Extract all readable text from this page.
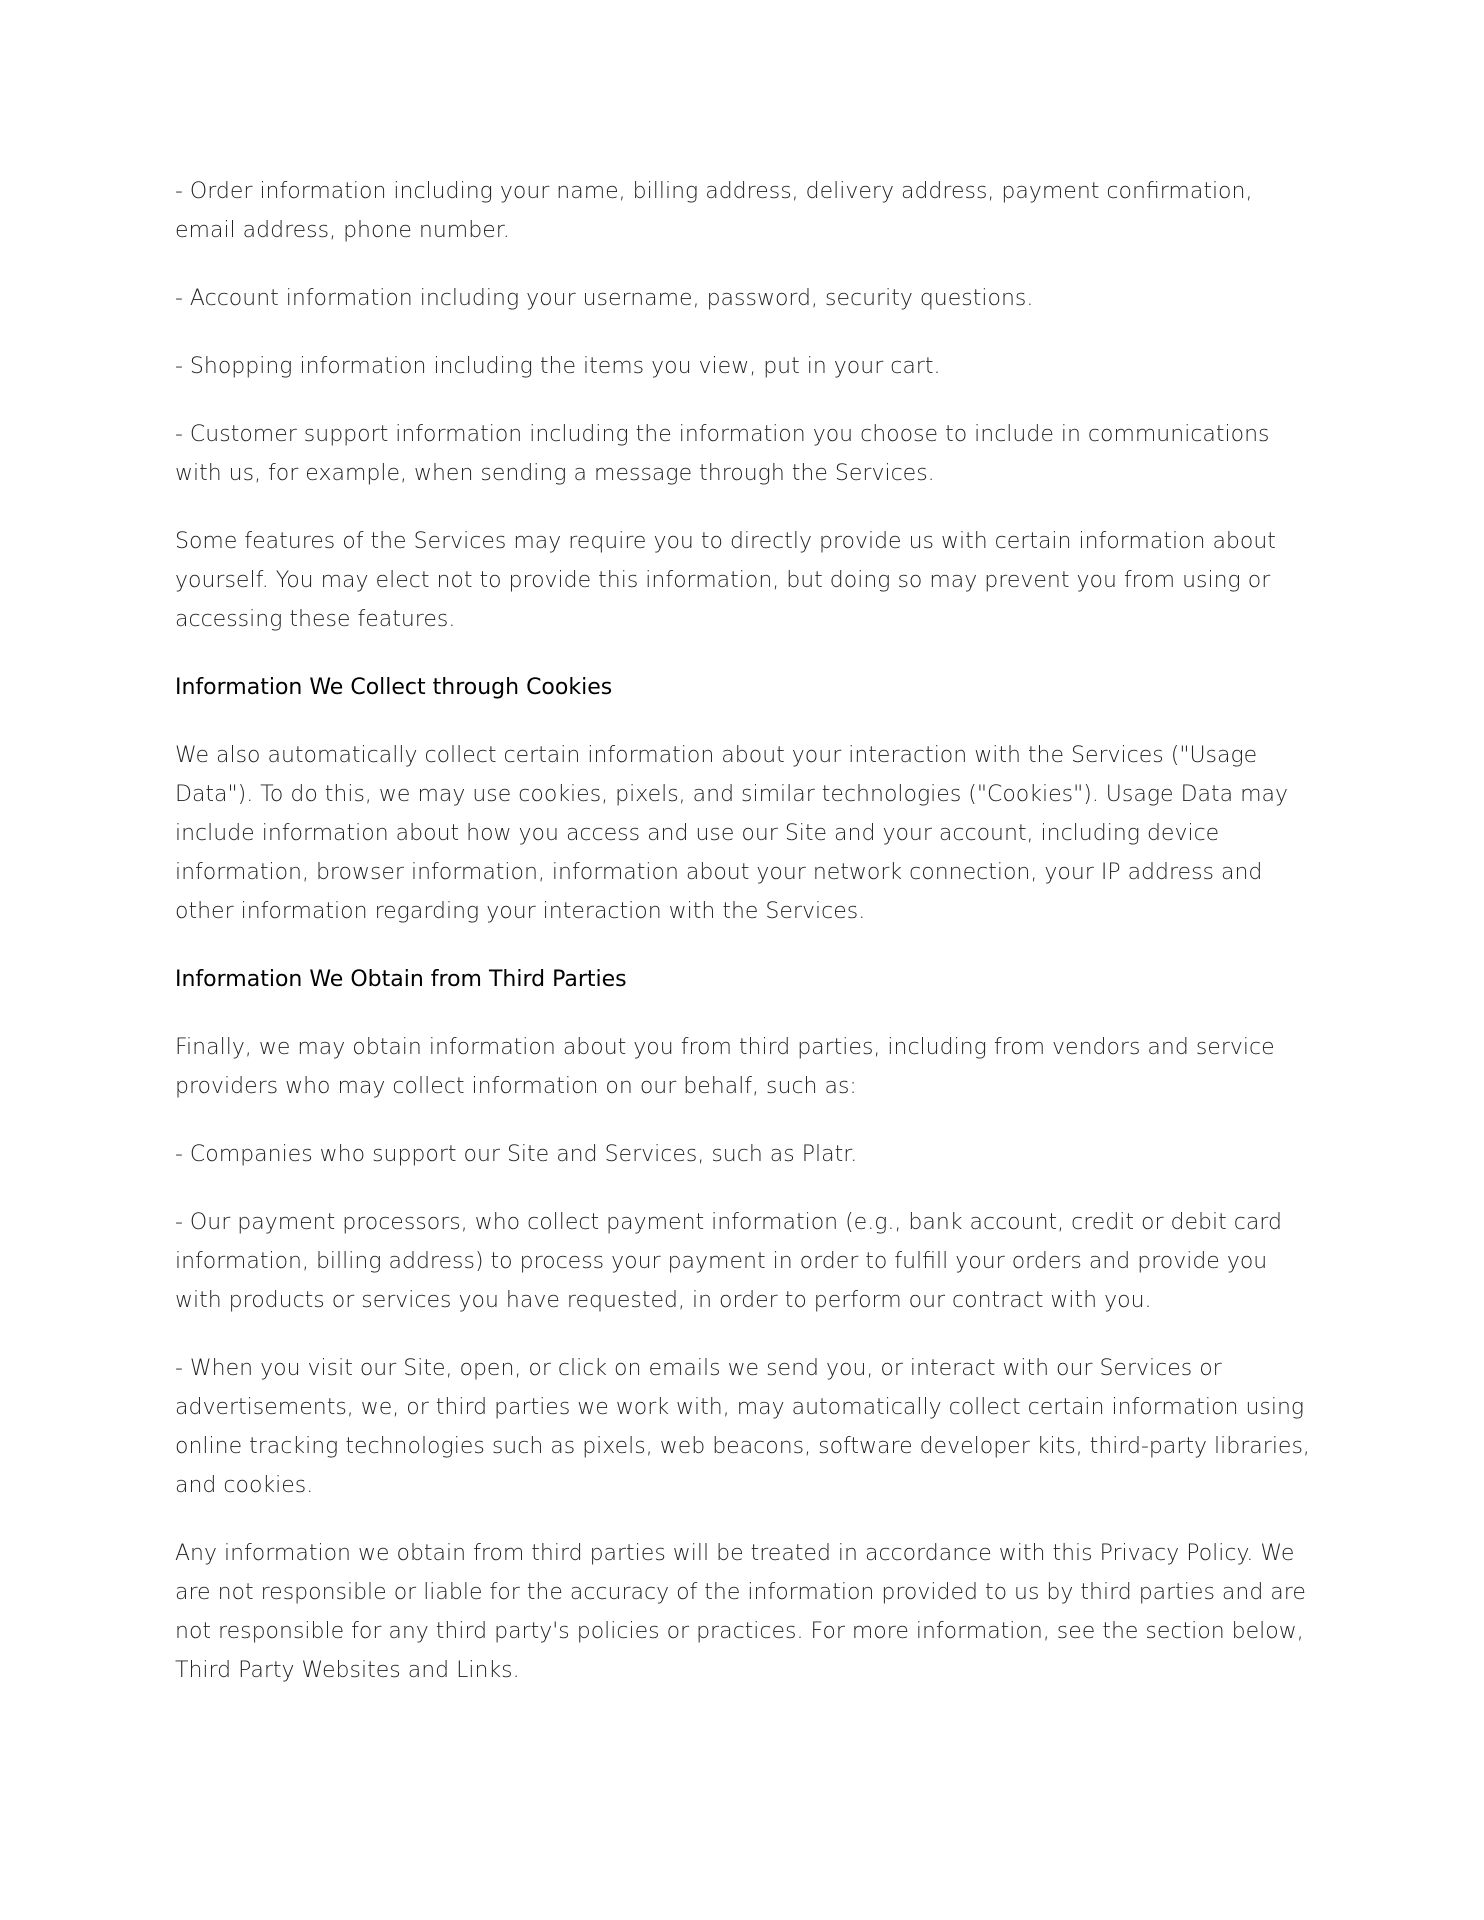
- Order information including your name, billing address, delivery address, payment confirmation, email address, phone number.

- Account information including your username, password, security questions.

- Shopping information including the items you view, put in your cart.

- Customer support information including the information you choose to include in communications with us, for example, when sending a message through the Services.

Some features of the Services may require you to directly provide us with certain information about yourself. You may elect not to provide this information, but doing so may prevent you from using or accessing these features.

Information We Collect through Cookies

We also automatically collect certain information about your interaction with the Services ("Usage Data"). To do this, we may use cookies, pixels, and similar technologies ("Cookies"). Usage Data may include information about how you access and use our Site and your account, including device information, browser information, information about your network connection, your IP address and other information regarding your interaction with the Services.

Information We Obtain from Third Parties

Finally, we may obtain information about you from third parties, including from vendors and service providers who may collect information on our behalf, such as:

- Companies who support our Site and Services, such as Platr.

- Our payment processors, who collect payment information (e.g., bank account, credit or debit card information, billing address) to process your payment in order to fulfill your orders and provide you with products or services you have requested, in order to perform our contract with you.

- When you visit our Site, open, or click on emails we send you, or interact with our Services or advertisements, we, or third parties we work with, may automatically collect certain information using online tracking technologies such as pixels, web beacons, software developer kits, third-party libraries, and cookies.

Any information we obtain from third parties will be treated in accordance with this Privacy Policy. We are not responsible or liable for the accuracy of the information provided to us by third parties and are not responsible for any third party's policies or practices. For more information, see the section below, Third Party Websites and Links.
